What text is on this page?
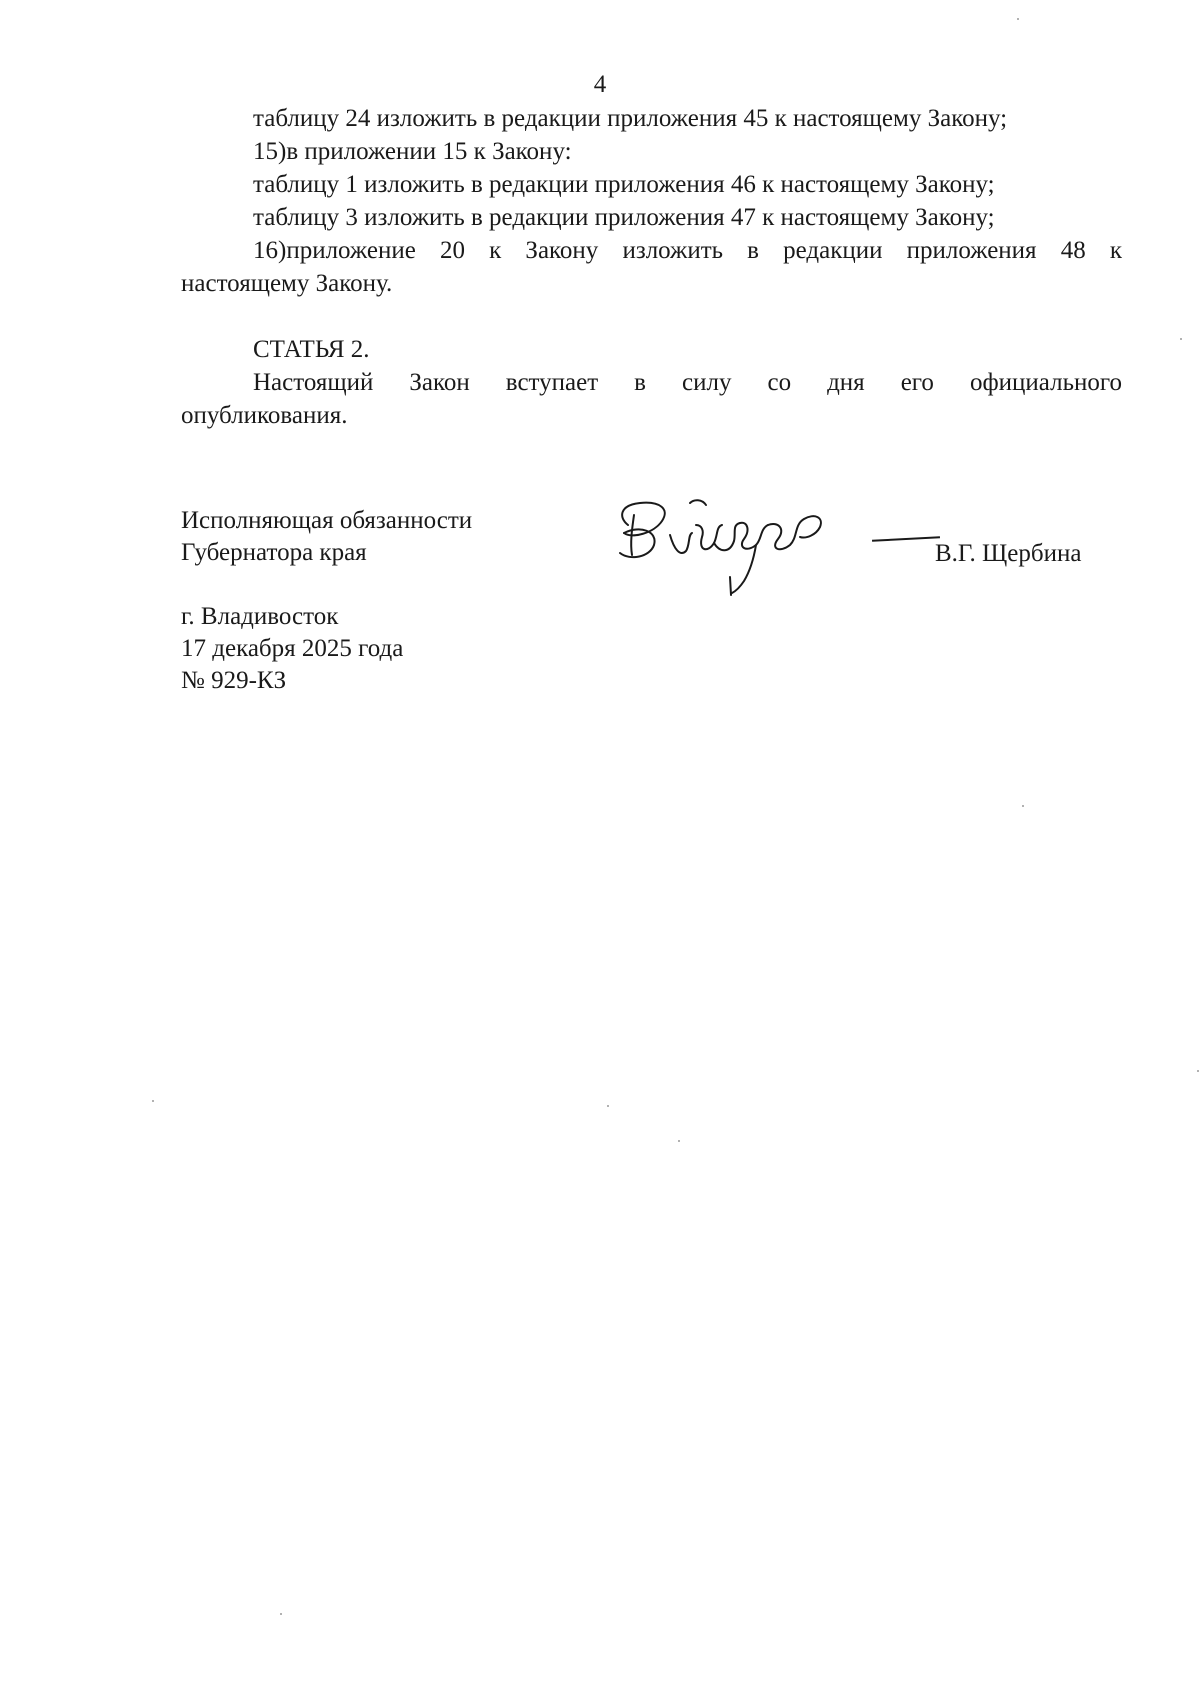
4

таблицу 24 изложить в редакции приложения 45 к настоящему Закону;

15)в приложении 15 к Закону:

таблицу 1 изложить в редакции приложения 46 к настоящему Закону;

таблицу 3 изложить в редакции приложения 47 к настоящему Закону;

16)приложение 20 к Закону изложить в редакции приложения 48 к

настоящему Закону.

СТАТЬЯ 2.

Настоящий Закон вступает в силу со дня его официального

опубликования.

Исполняющая обязанности
Губернатора края	В.Г. Щербина
г. Владивосток
17 декабря 2025 года
№ 929-КЗ
